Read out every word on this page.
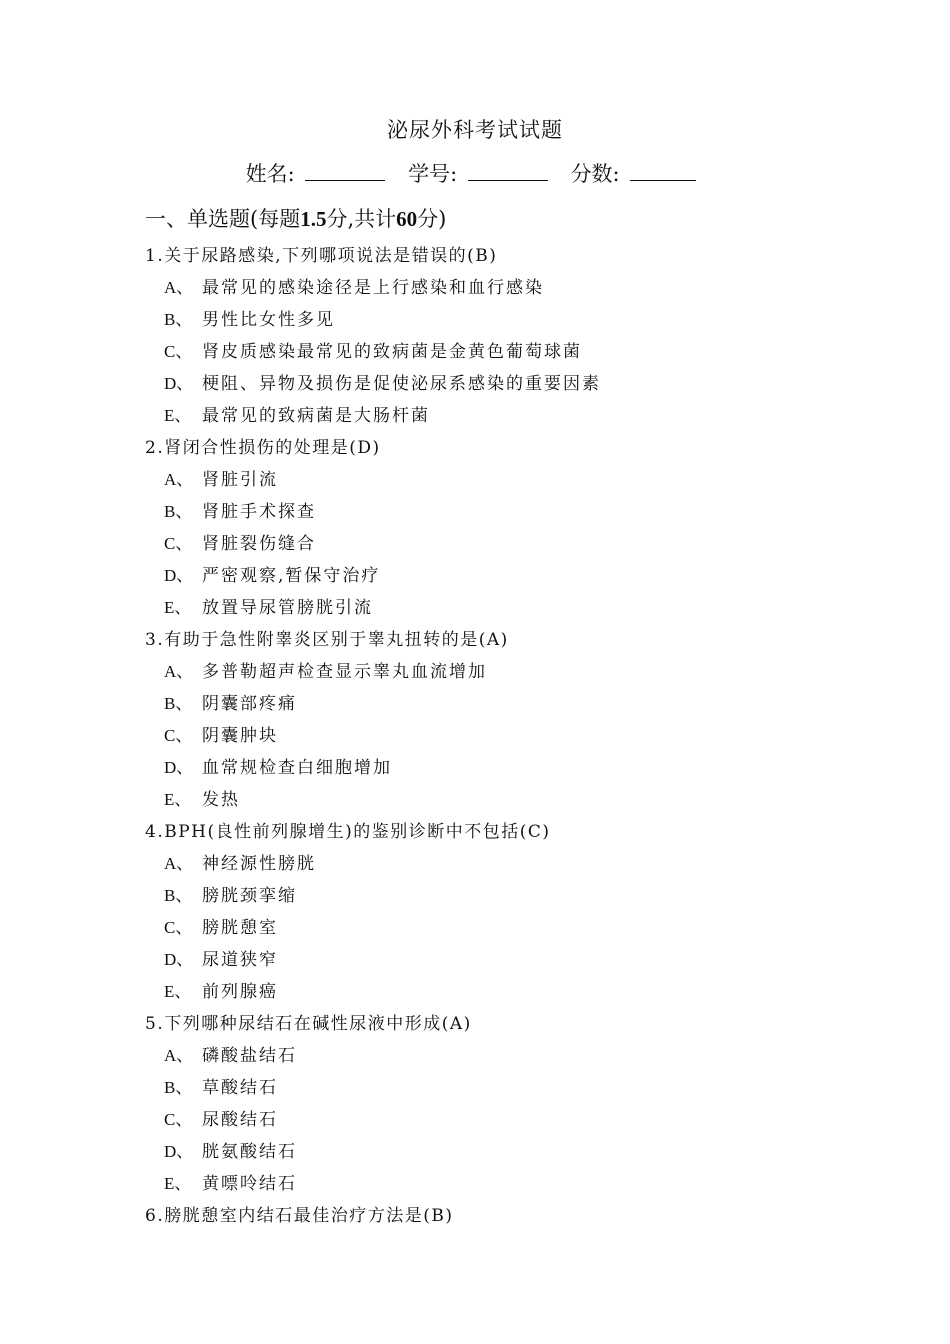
泌尿外科考试试题
姓名:	学号:	分数:
一、单选题(每题1.5分,共计60分)
1.关于尿路感染,下列哪项说法是错误的(B)
A、 最常见的感染途径是上行感染和血行感染
B、 男性比女性多见
C、 肾皮质感染最常见的致病菌是金黄色葡萄球菌
D、 梗阻、异物及损伤是促使泌尿系感染的重要因素
E、 最常见的致病菌是大肠杆菌
2.肾闭合性损伤的处理是(D)
A、 肾脏引流
B、 肾脏手术探查
C、 肾脏裂伤缝合
D、 严密观察,暂保守治疗
E、 放置导尿管膀胱引流
3.有助于急性附睾炎区别于睾丸扭转的是(A)
A、 多普勒超声检查显示睾丸血流增加
B、 阴囊部疼痛
C、 阴囊肿块
D、 血常规检查白细胞增加
E、 发热
4.BPH(良性前列腺增生)的鉴别诊断中不包括(C)
A、 神经源性膀胱
B、 膀胱颈挛缩
C、 膀胱憩室
D、 尿道狭窄
E、 前列腺癌
5.下列哪种尿结石在碱性尿液中形成(A)
A、 磷酸盐结石
B、 草酸结石
C、 尿酸结石
D、 胱氨酸结石
E、 黄嘌呤结石
6.膀胱憩室内结石最佳治疗方法是(B)
